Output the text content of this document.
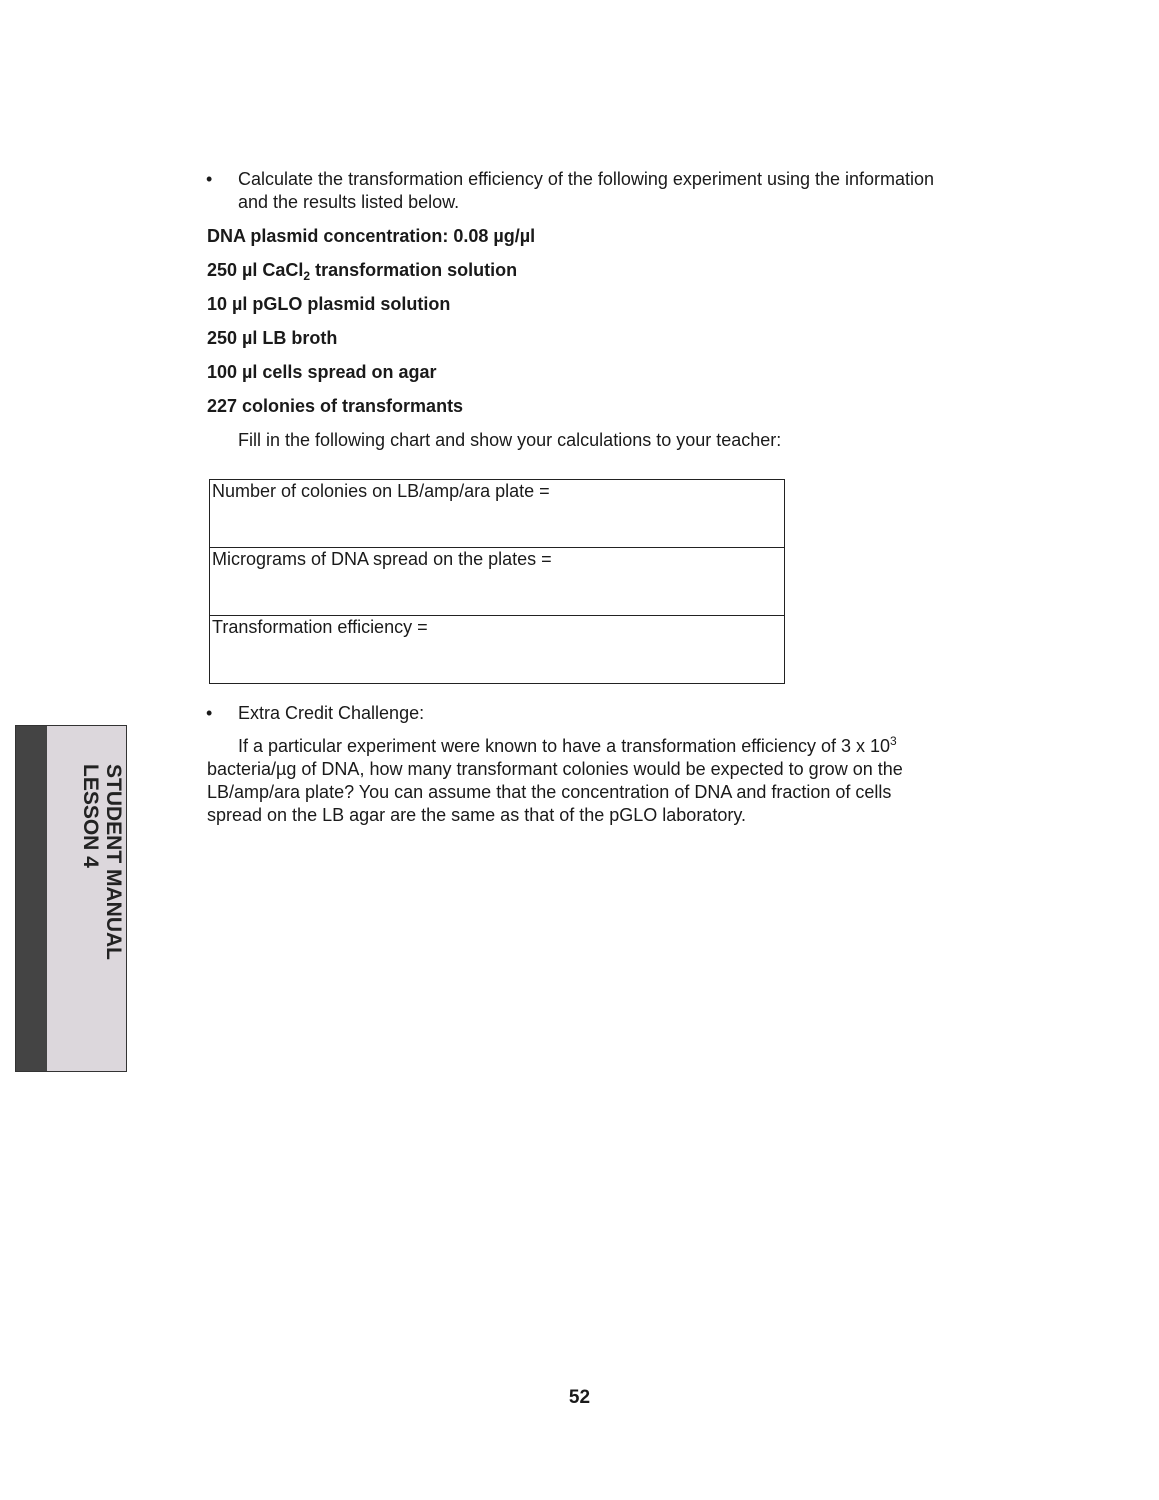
•	Calculate the transformation efficiency of the following experiment using the information
and the results listed below.
DNA plasmid concentration: 0.08 µg/µl
250 µl CaCl$_2$ transformation solution
10 µl pGLO plasmid solution
250 µl LB broth
100 µl cells spread on agar
227 colonies of transformants
Fill in the following chart and show your calculations to your teacher:
Number of colonies on LB/amp/ara plate =
Micrograms of DNA spread on the plates =
Transformation efficiency =
•	Extra Credit Challenge:
If a particular experiment were known to have a transformation efficiency of 3 x $10^3$
bacteria/µg of DNA, how many transformant colonies would be expected to grow on the
LB/amp/ara plate? You can assume that the concentration of DNA and fraction of cells
spread on the LB agar are the same as that of the pGLO laboratory.
STUDENT MANUAL
LESSON 4
52
